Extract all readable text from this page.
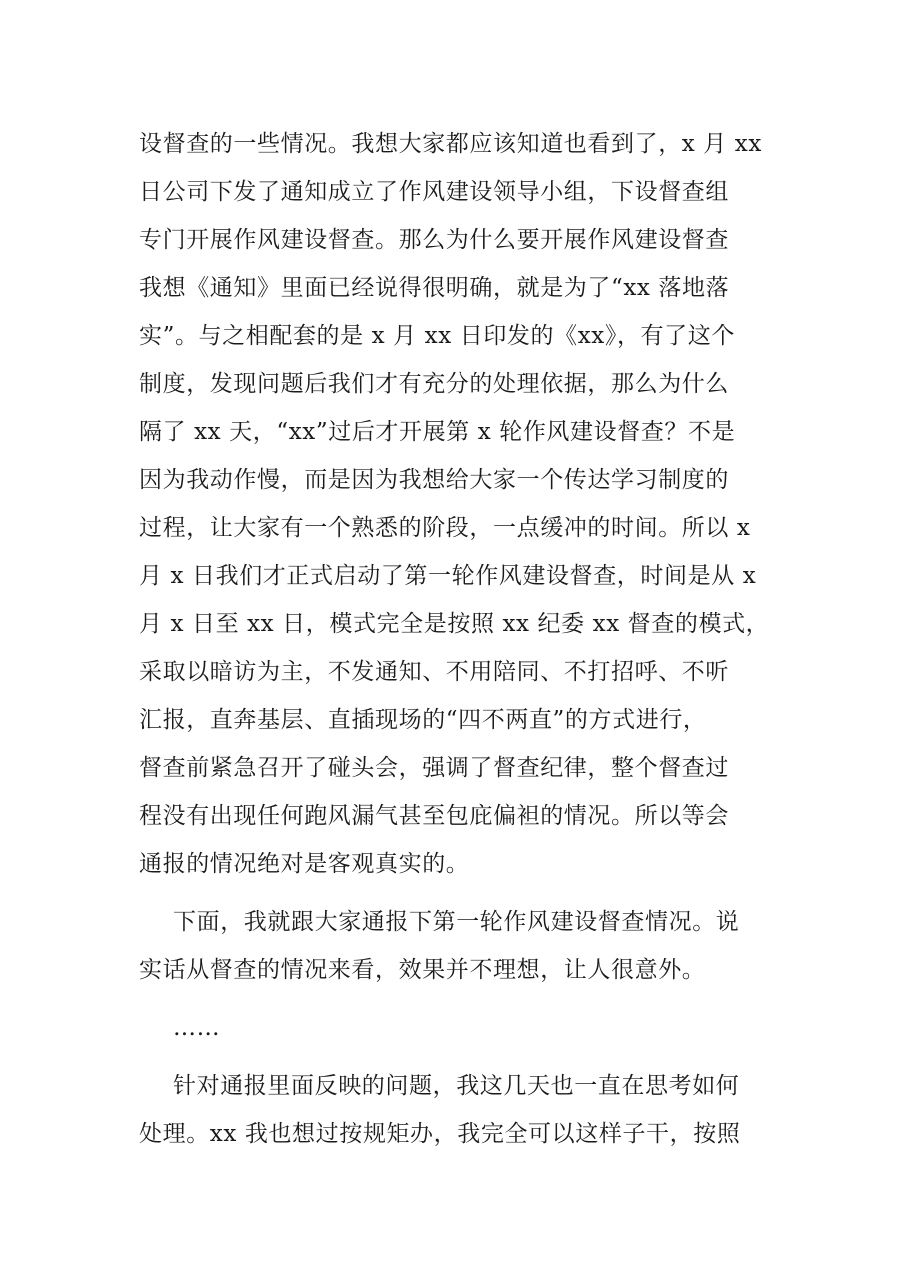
设督查的一些情况。我想大家都应该知道也看到了，x 月 xx
日公司下发了通知成立了作风建设领导小组，下设督查组
专门开展作风建设督查。那么为什么要开展作风建设督查
我想《通知》里面已经说得很明确，就是为了“xx 落地落
实”。与之相配套的是 x 月 xx 日印发的《xx》，有了这个
制度，发现问题后我们才有充分的处理依据，那么为什么
隔了 xx 天，“xx”过后才开展第 x 轮作风建设督查？不是
因为我动作慢，而是因为我想给大家一个传达学习制度的
过程，让大家有一个熟悉的阶段，一点缓冲的时间。所以 x
月 x 日我们才正式启动了第一轮作风建设督查，时间是从 x
月 x 日至 xx 日，模式完全是按照 xx 纪委 xx 督查的模式，
采取以暗访为主，不发通知、不用陪同、不打招呼、不听
汇报，直奔基层、直插现场的“四不两直”的方式进行，
督查前紧急召开了碰头会，强调了督查纪律，整个督查过
程没有出现任何跑风漏气甚至包庇偏袒的情况。所以等会
通报的情况绝对是客观真实的。
下面，我就跟大家通报下第一轮作风建设督查情况。说
实话从督查的情况来看，效果并不理想，让人很意外。
……
针对通报里面反映的问题，我这几天也一直在思考如何
处理。xx 我也想过按规矩办，我完全可以这样子干，按照
